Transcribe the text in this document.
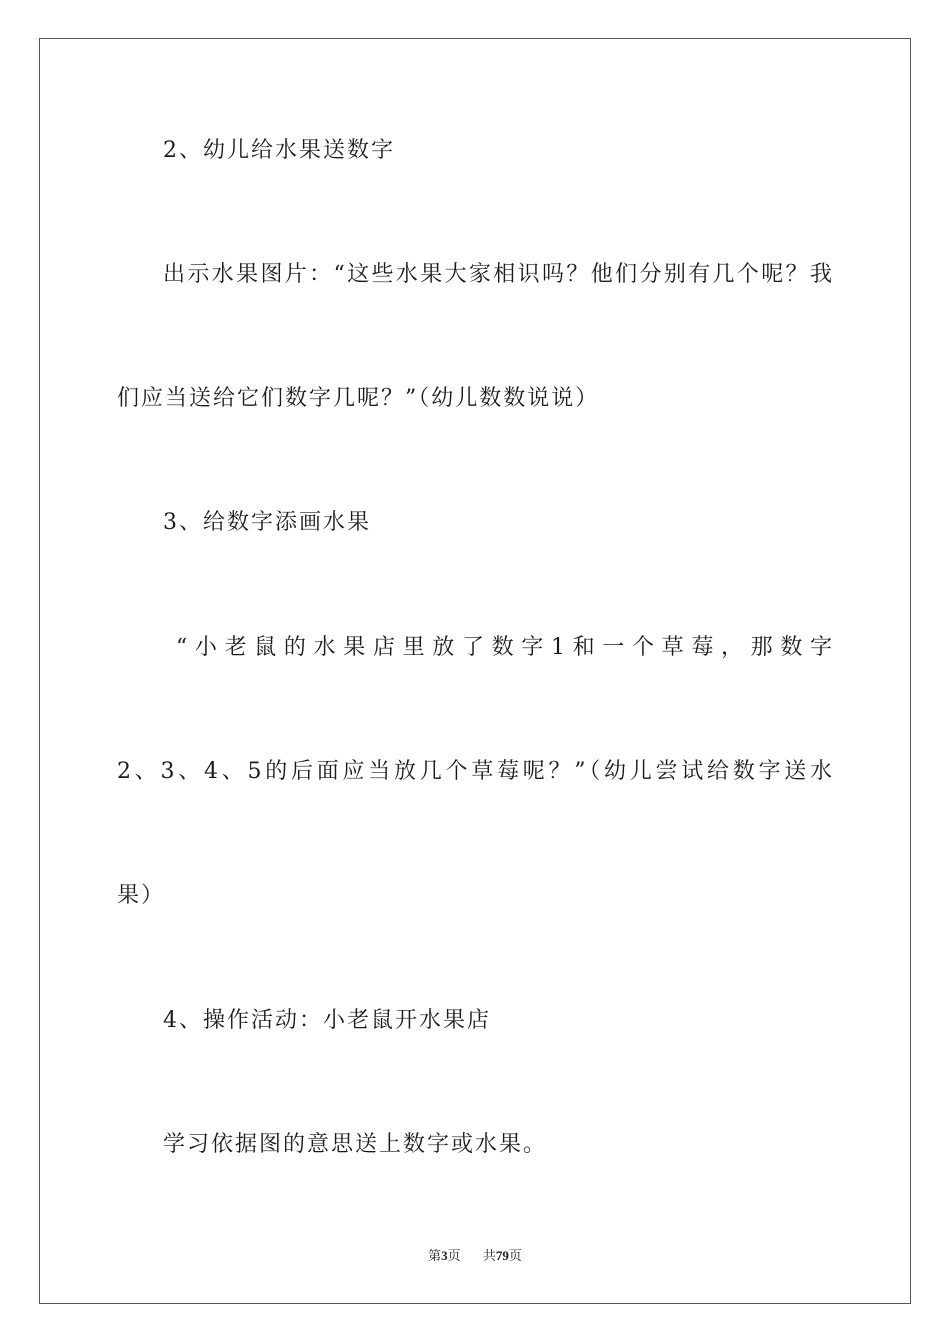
2、幼儿给水果送数字
出示水果图片：“这些水果大家相识吗？他们分别有几个呢？我
们应当送给它们数字几呢？”（幼儿数数说说）
3、给数字添画水果
“小老鼠的水果店里放了数字1和一个草莓，那数字
2、3、4、5的后面应当放几个草莓呢？”（幼儿尝试给数字送水
果）
4、操作活动：小老鼠开水果店
学习依据图的意思送上数字或水果。
第3页 共79页
